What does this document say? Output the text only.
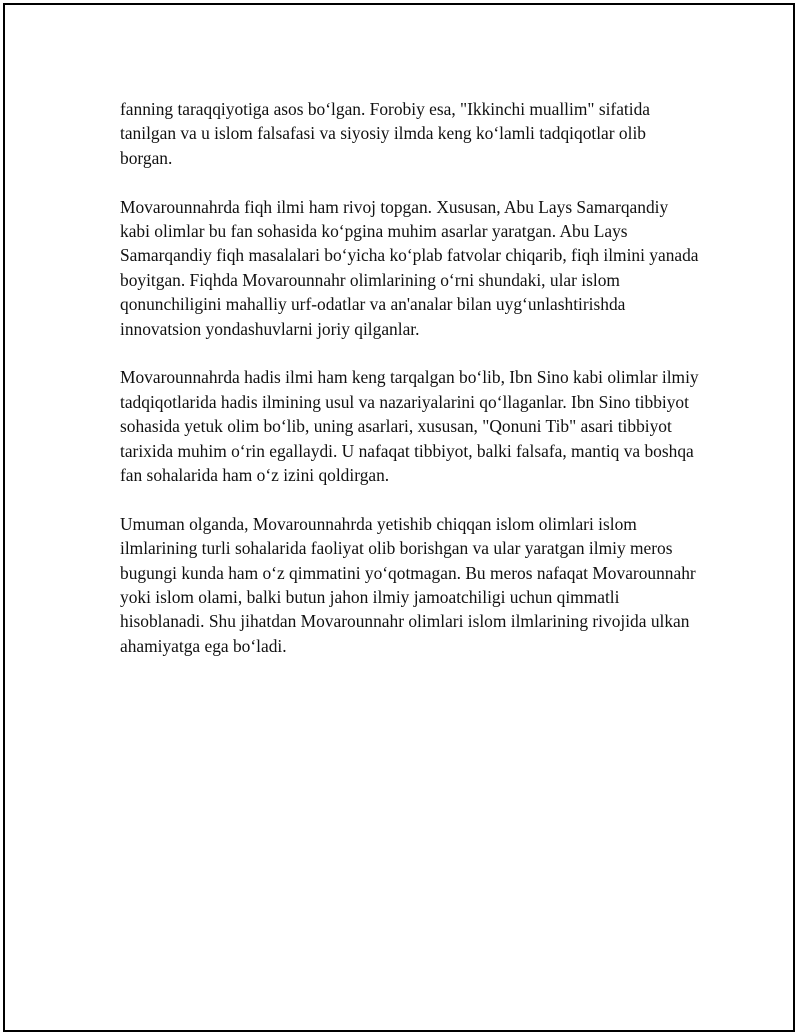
fanning taraqqiyotiga asos bo‘lgan. Forobiy esa, "Ikkinchi muallim" sifatida tanilgan va u islom falsafasi va siyosiy ilmda keng ko‘lamli tadqiqotlar olib borgan.

Movarounnahrda fiqh ilmi ham rivoj topgan. Xususan, Abu Lays Samarqandiy kabi olimlar bu fan sohasida ko‘pgina muhim asarlar yaratgan. Abu Lays Samarqandiy fiqh masalalari bo‘yicha ko‘plab fatvolar chiqarib, fiqh ilmini yanada boyitgan. Fiqhda Movarounnahr olimlarining o‘rni shundaki, ular islom qonunchiligini mahalliy urf-odatlar va an'analar bilan uyg‘unlashtirishda innovatsion yondashuvlarni joriy qilganlar.

Movarounnahrda hadis ilmi ham keng tarqalgan bo‘lib, Ibn Sino kabi olimlar ilmiy tadqiqotlarida hadis ilmining usul va nazariyalarini qo‘llaganlar. Ibn Sino tibbiyot sohasida yetuk olim bo‘lib, uning asarlari, xususan, "Qonuni Tib" asari tibbiyot tarixida muhim o‘rin egallaydi. U nafaqat tibbiyot, balki falsafa, mantiq va boshqa fan sohalarida ham o‘z izini qoldirgan.

Umuman olganda, Movarounnahrda yetishib chiqqan islom olimlari islom ilmlarining turli sohalarida faoliyat olib borishgan va ular yaratgan ilmiy meros bugungi kunda ham o‘z qimmatini yo‘qotmagan. Bu meros nafaqat Movarounnahr yoki islom olami, balki butun jahon ilmiy jamoatchiligi uchun qimmatli hisoblanadi. Shu jihatdan Movarounnahr olimlari islom ilmlarining rivojida ulkan ahamiyatga ega bo‘ladi.
